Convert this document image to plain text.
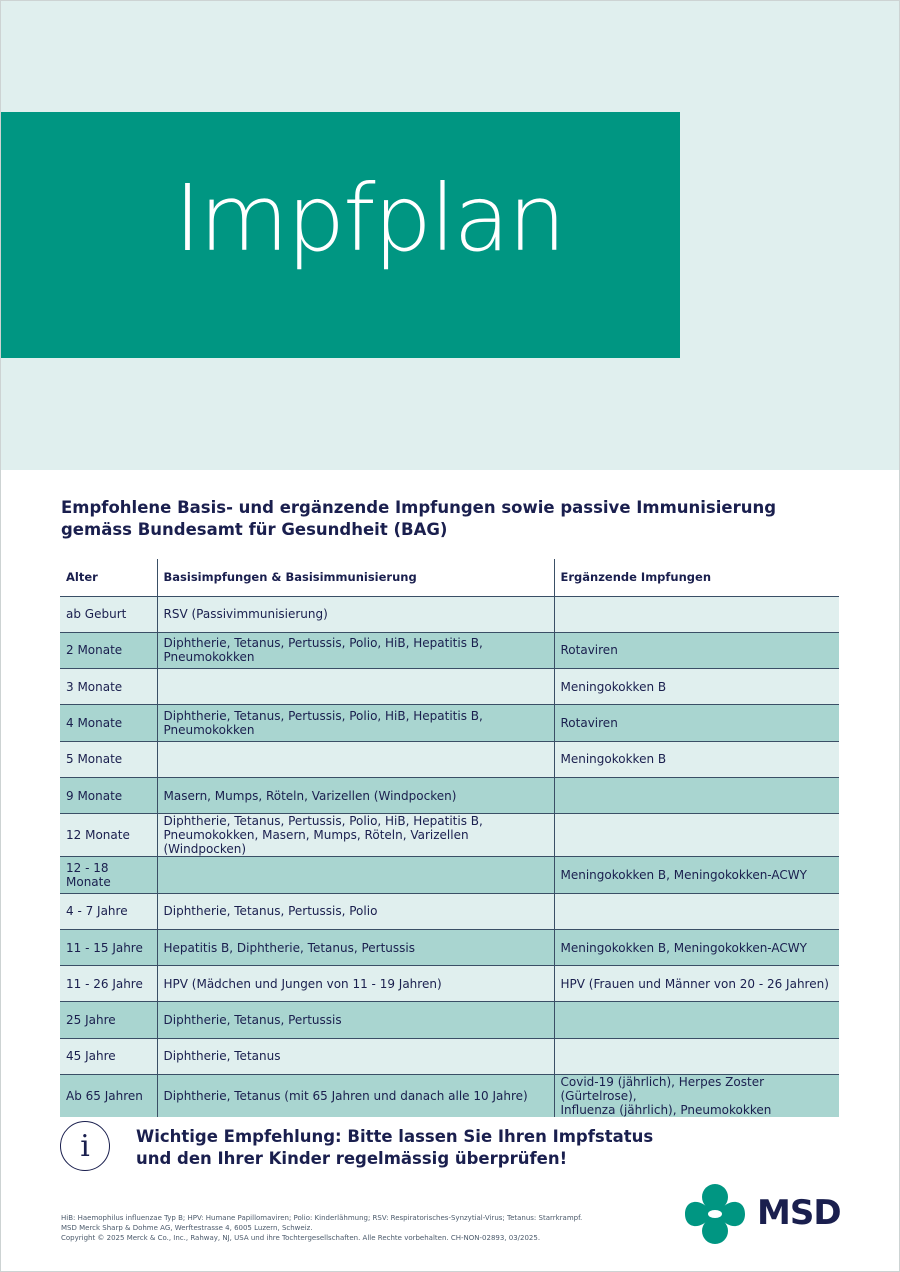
Impfplan
Empfohlene Basis- und ergänzende Impfungen sowie passive Immunisierung
gemäss Bundesamt für Gesundheit (BAG)
Alter	Basisimpfungen & Basisimmunisierung	Ergänzende Impfungen
ab Geburt	RSV (Passivimmunisierung)	

2 Monate	Diphtherie, Tetanus, Pertussis, Polio, HiB, Hepatitis B, Pneumokokken	Rotaviren

3 Monate		Meningokokken B

4 Monate	Diphtherie, Tetanus, Pertussis, Polio, HiB, Hepatitis B, Pneumokokken	Rotaviren

5 Monate		Meningokokken B

9 Monate	Masern, Mumps, Röteln, Varizellen (Windpocken)	

12 Monate	Diphtherie, Tetanus, Pertussis, Polio, HiB, Hepatitis B,
Pneumokokken, Masern, Mumps, Röteln, Varizellen (Windpocken)	

12 - 18 Monate		Meningokokken B, Meningokokken-ACWY

4 - 7 Jahre	Diphtherie, Tetanus, Pertussis, Polio	

11 - 15 Jahre	Hepatitis B, Diphtherie, Tetanus, Pertussis	Meningokokken B, Meningokokken-ACWY

11 - 26 Jahre	HPV (Mädchen und Jungen von 11 - 19 Jahren)	HPV (Frauen und Männer von 20 - 26 Jahren)

25 Jahre	Diphtherie, Tetanus, Pertussis	

45 Jahre	Diphtherie, Tetanus	

Ab 65 Jahren	Diphtherie, Tetanus (mit 65 Jahren und danach alle 10 Jahre)	Covid-19 (jährlich), Herpes Zoster (Gürtelrose),
Influenza (jährlich), Pneumokokken
i	Wichtige Empfehlung: Bitte lassen Sie Ihren Impfstatus
und den Ihrer Kinder regelmässig überprüfen!
HiB: Haemophilus influenzae Typ B; HPV: Humane Papillomaviren; Polio: Kinderlähmung; RSV: Respiratorisches-Synzytial-Virus; Tetanus: Starrkrampf.
MSD Merck Sharp & Dohme AG, Werftestrasse 4, 6005 Luzern, Schweiz.
Copyright © 2025 Merck & Co., Inc., Rahway, NJ, USA und ihre Tochtergesellschaften. Alle Rechte vorbehalten. CH-NON-02893, 03/2025.
MSD
